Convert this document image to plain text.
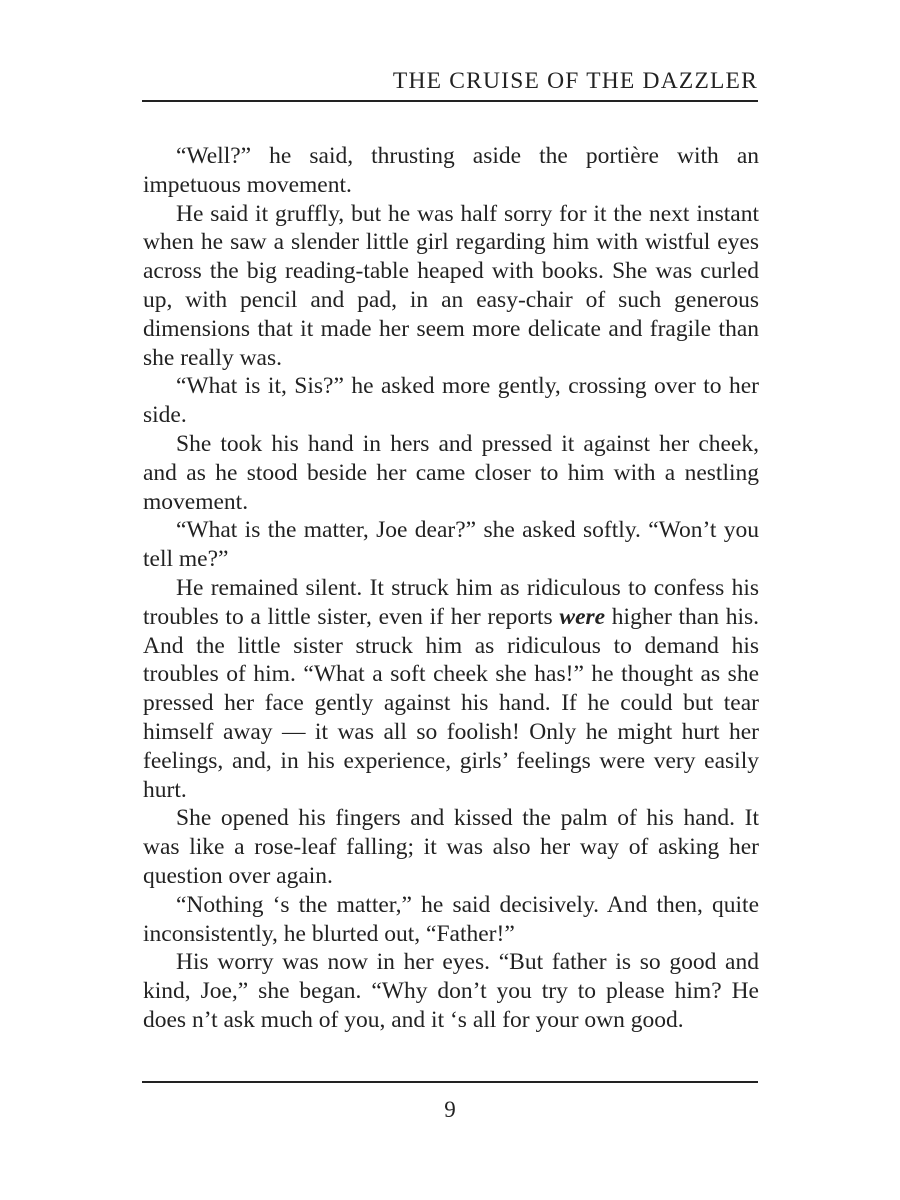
THE CRUISE OF THE DAZZLER

“Well?” he said, thrusting aside the portière with an impetuous movement.

He said it gruffly, but he was half sorry for it the next instant when he saw a slender little girl regarding him with wistful eyes across the big reading-table heaped with books. She was curled up, with pencil and pad, in an easy-chair of such generous dimensions that it made her seem more delicate and fragile than she really was.

“What is it, Sis?” he asked more gently, crossing over to her side.

She took his hand in hers and pressed it against her cheek, and as he stood beside her came closer to him with a nestling movement.

“What is the matter, Joe dear?” she asked softly. “Won’t you tell me?”

He remained silent. It struck him as ridiculous to confess his troubles to a little sister, even if her reports were higher than his. And the little sister struck him as ridiculous to demand his troubles of him. “What a soft cheek she has!” he thought as she pressed her face gently against his hand. If he could but tear himself away — it was all so foolish! Only he might hurt her feelings, and, in his experience, girls’ feelings were very easily hurt.

She opened his fingers and kissed the palm of his hand. It was like a rose-leaf falling; it was also her way of asking her question over again.

“Nothing ‘s the matter,” he said decisively. And then, quite inconsistently, he blurted out, “Father!”

His worry was now in her eyes. “But father is so good and kind, Joe,” she began. “Why don’t you try to please him? He does n’t ask much of you, and it ‘s all for your own good.

9
